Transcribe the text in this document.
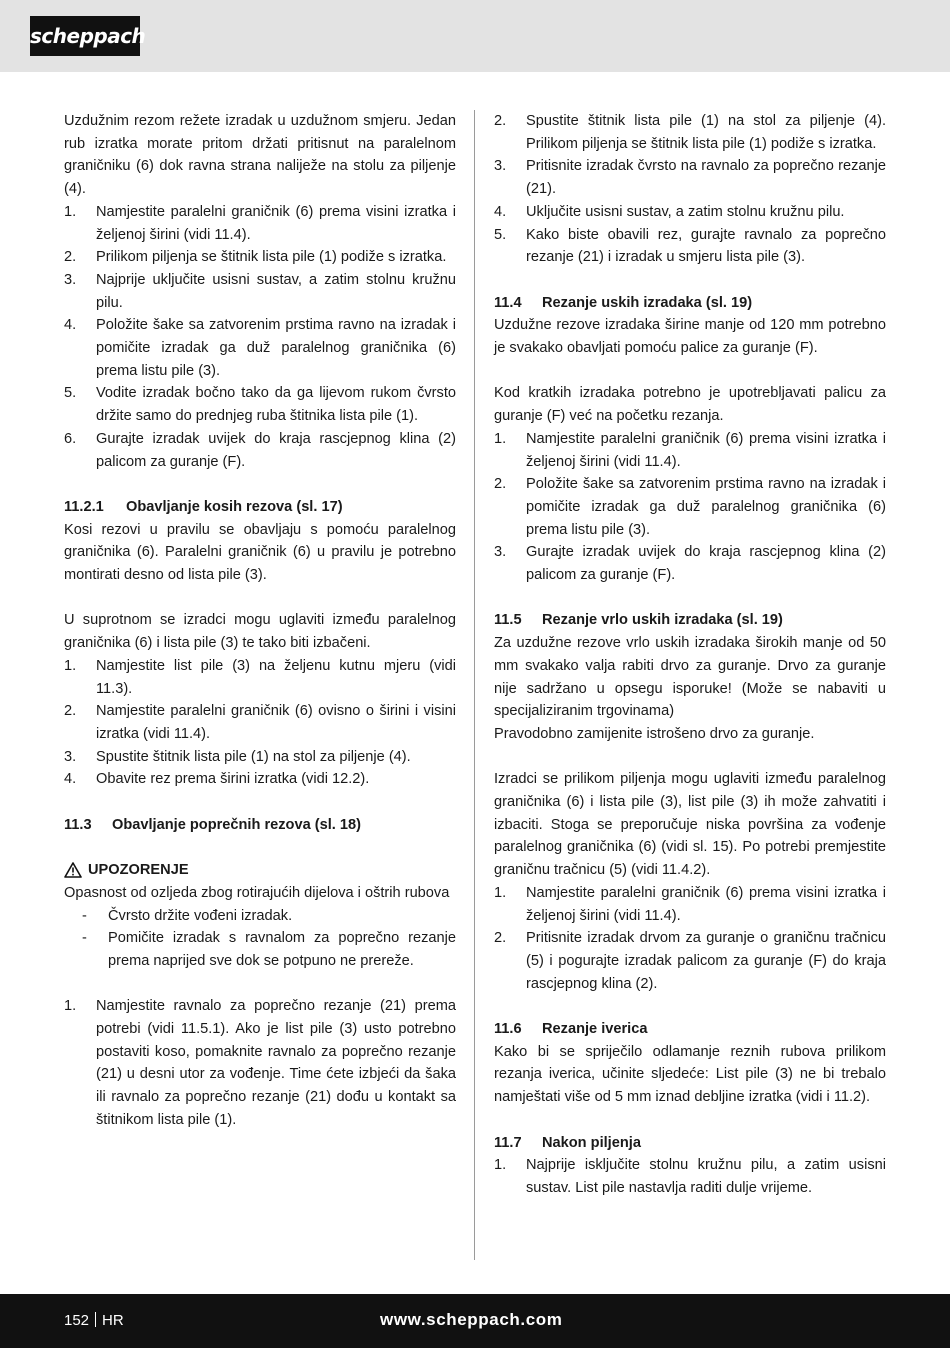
scheppach

Uzdužnim rezom režete izradak u uzdužnom smjeru. Jedan rub izratka morate pritom držati pritisnut na paralelnom graničniku (6) dok ravna strana naliježe na stolu za piljenje (4).

1.	Namjestite paralelni graničnik (6) prema visini izratka i željenoj širini (vidi 11.4).
2.	Prilikom piljenja se štitnik lista pile (1) podiže s izratka.
3.	Najprije uključite usisni sustav, a zatim stolnu kružnu pilu.
4.	Položite šake sa zatvorenim prstima ravno na izradak i pomičite izradak ga duž paralelnog graničnika (6) prema listu pile (3).
5.	Vodite izradak bočno tako da ga lijevom rukom čvrsto držite samo do prednjeg ruba štitnika lista pile (1).
6.	Gurajte izradak uvijek do kraja rascjepnog klina (2) palicom za guranje (F).
11.2.1	Obavljanje kosih rezova (sl. 17)

Kosi rezovi u pravilu se obavljaju s pomoću paralelnog graničnika (6). Paralelni graničnik (6) u pravilu je potrebno montirati desno od lista pile (3).

U suprotnom se izradci mogu uglaviti između paralelnog graničnika (6) i lista pile (3) te tako biti izbačeni.

1.	Namjestite list pile (3) na željenu kutnu mjeru (vidi 11.3).
2.	Namjestite paralelni graničnik (6) ovisno o širini i visini izratka (vidi 11.4).
3.	Spustite štitnik lista pile (1) na stol za piljenje (4).
4.	Obavite rez prema širini izratka (vidi 12.2).
11.3	Obavljanje poprečnih rezova (sl. 18)
UPOZORENJE

Opasnost od ozljeda zbog rotirajućih dijelova i oštrih rubova

-	Čvrsto držite vođeni izradak.
-	Pomičite izradak s ravnalom za poprečno rezanje prema naprijed sve dok se potpuno ne prereže.
1.	Namjestite ravnalo za poprečno rezanje (21) prema potrebi (vidi 11.5.1). Ako je list pile (3) usto potrebno postaviti koso, pomaknite ravnalo za poprečno rezanje (21) u desni utor za vođenje. Time ćete izbjeći da šaka ili ravnalo za poprečno rezanje (21) dođu u kontakt sa štitnikom lista pile (1).
2.	Spustite štitnik lista pile (1) na stol za piljenje (4). Prilikom piljenja se štitnik lista pile (1) podiže s izratka.
3.	Pritisnite izradak čvrsto na ravnalo za poprečno rezanje (21).
4.	Uključite usisni sustav, a zatim stolnu kružnu pilu.
5.	Kako biste obavili rez, gurajte ravnalo za poprečno rezanje (21) i izradak u smjeru lista pile (3).
11.4	Rezanje uskih izradaka (sl. 19)

Uzdužne rezove izradaka širine manje od 120 mm potrebno je svakako obavljati pomoću palice za guranje (F).

Kod kratkih izradaka potrebno je upotrebljavati palicu za guranje (F) već na početku rezanja.

1.	Namjestite paralelni graničnik (6) prema visini izratka i željenoj širini (vidi 11.4).
2.	Položite šake sa zatvorenim prstima ravno na izradak i pomičite izradak ga duž paralelnog graničnika (6) prema listu pile (3).
3.	Gurajte izradak uvijek do kraja rascjepnog klina (2) palicom za guranje (F).
11.5	Rezanje vrlo uskih izradaka (sl. 19)

Za uzdužne rezove vrlo uskih izradaka širokih manje od 50 mm svakako valja rabiti drvo za guranje. Drvo za guranje nije sadržano u opsegu isporuke! (Može se nabaviti u specijaliziranim trgovinama)

Pravodobno zamijenite istrošeno drvo za guranje.

Izradci se prilikom piljenja mogu uglaviti između paralelnog graničnika (6) i lista pile (3), list pile (3) ih može zahvatiti i izbaciti. Stoga se preporučuje niska površina za vođenje paralelnog graničnika (6) (vidi sl. 15). Po potrebi premjestite graničnu tračnicu (5) (vidi 11.4.2).

1.	Namjestite paralelni graničnik (6) prema visini izratka i željenoj širini (vidi 11.4).
2.	Pritisnite izradak drvom za guranje o graničnu tračnicu (5) i pogurajte izradak palicom za guranje (F) do kraja rascjepnog klina (2).
11.6	Rezanje iverica

Kako bi se spriječilo odlamanje reznih rubova prilikom rezanja iverica, učinite sljedeće: List pile (3) ne bi trebalo namještati više od 5 mm iznad debljine izratka (vidi i 11.2).

11.7	Nakon piljenja
1.	Najprije isključite stolnu kružnu pilu, a zatim usisni sustav. List pile nastavlja raditi dulje vrijeme.
152 HR	www.scheppach.com
